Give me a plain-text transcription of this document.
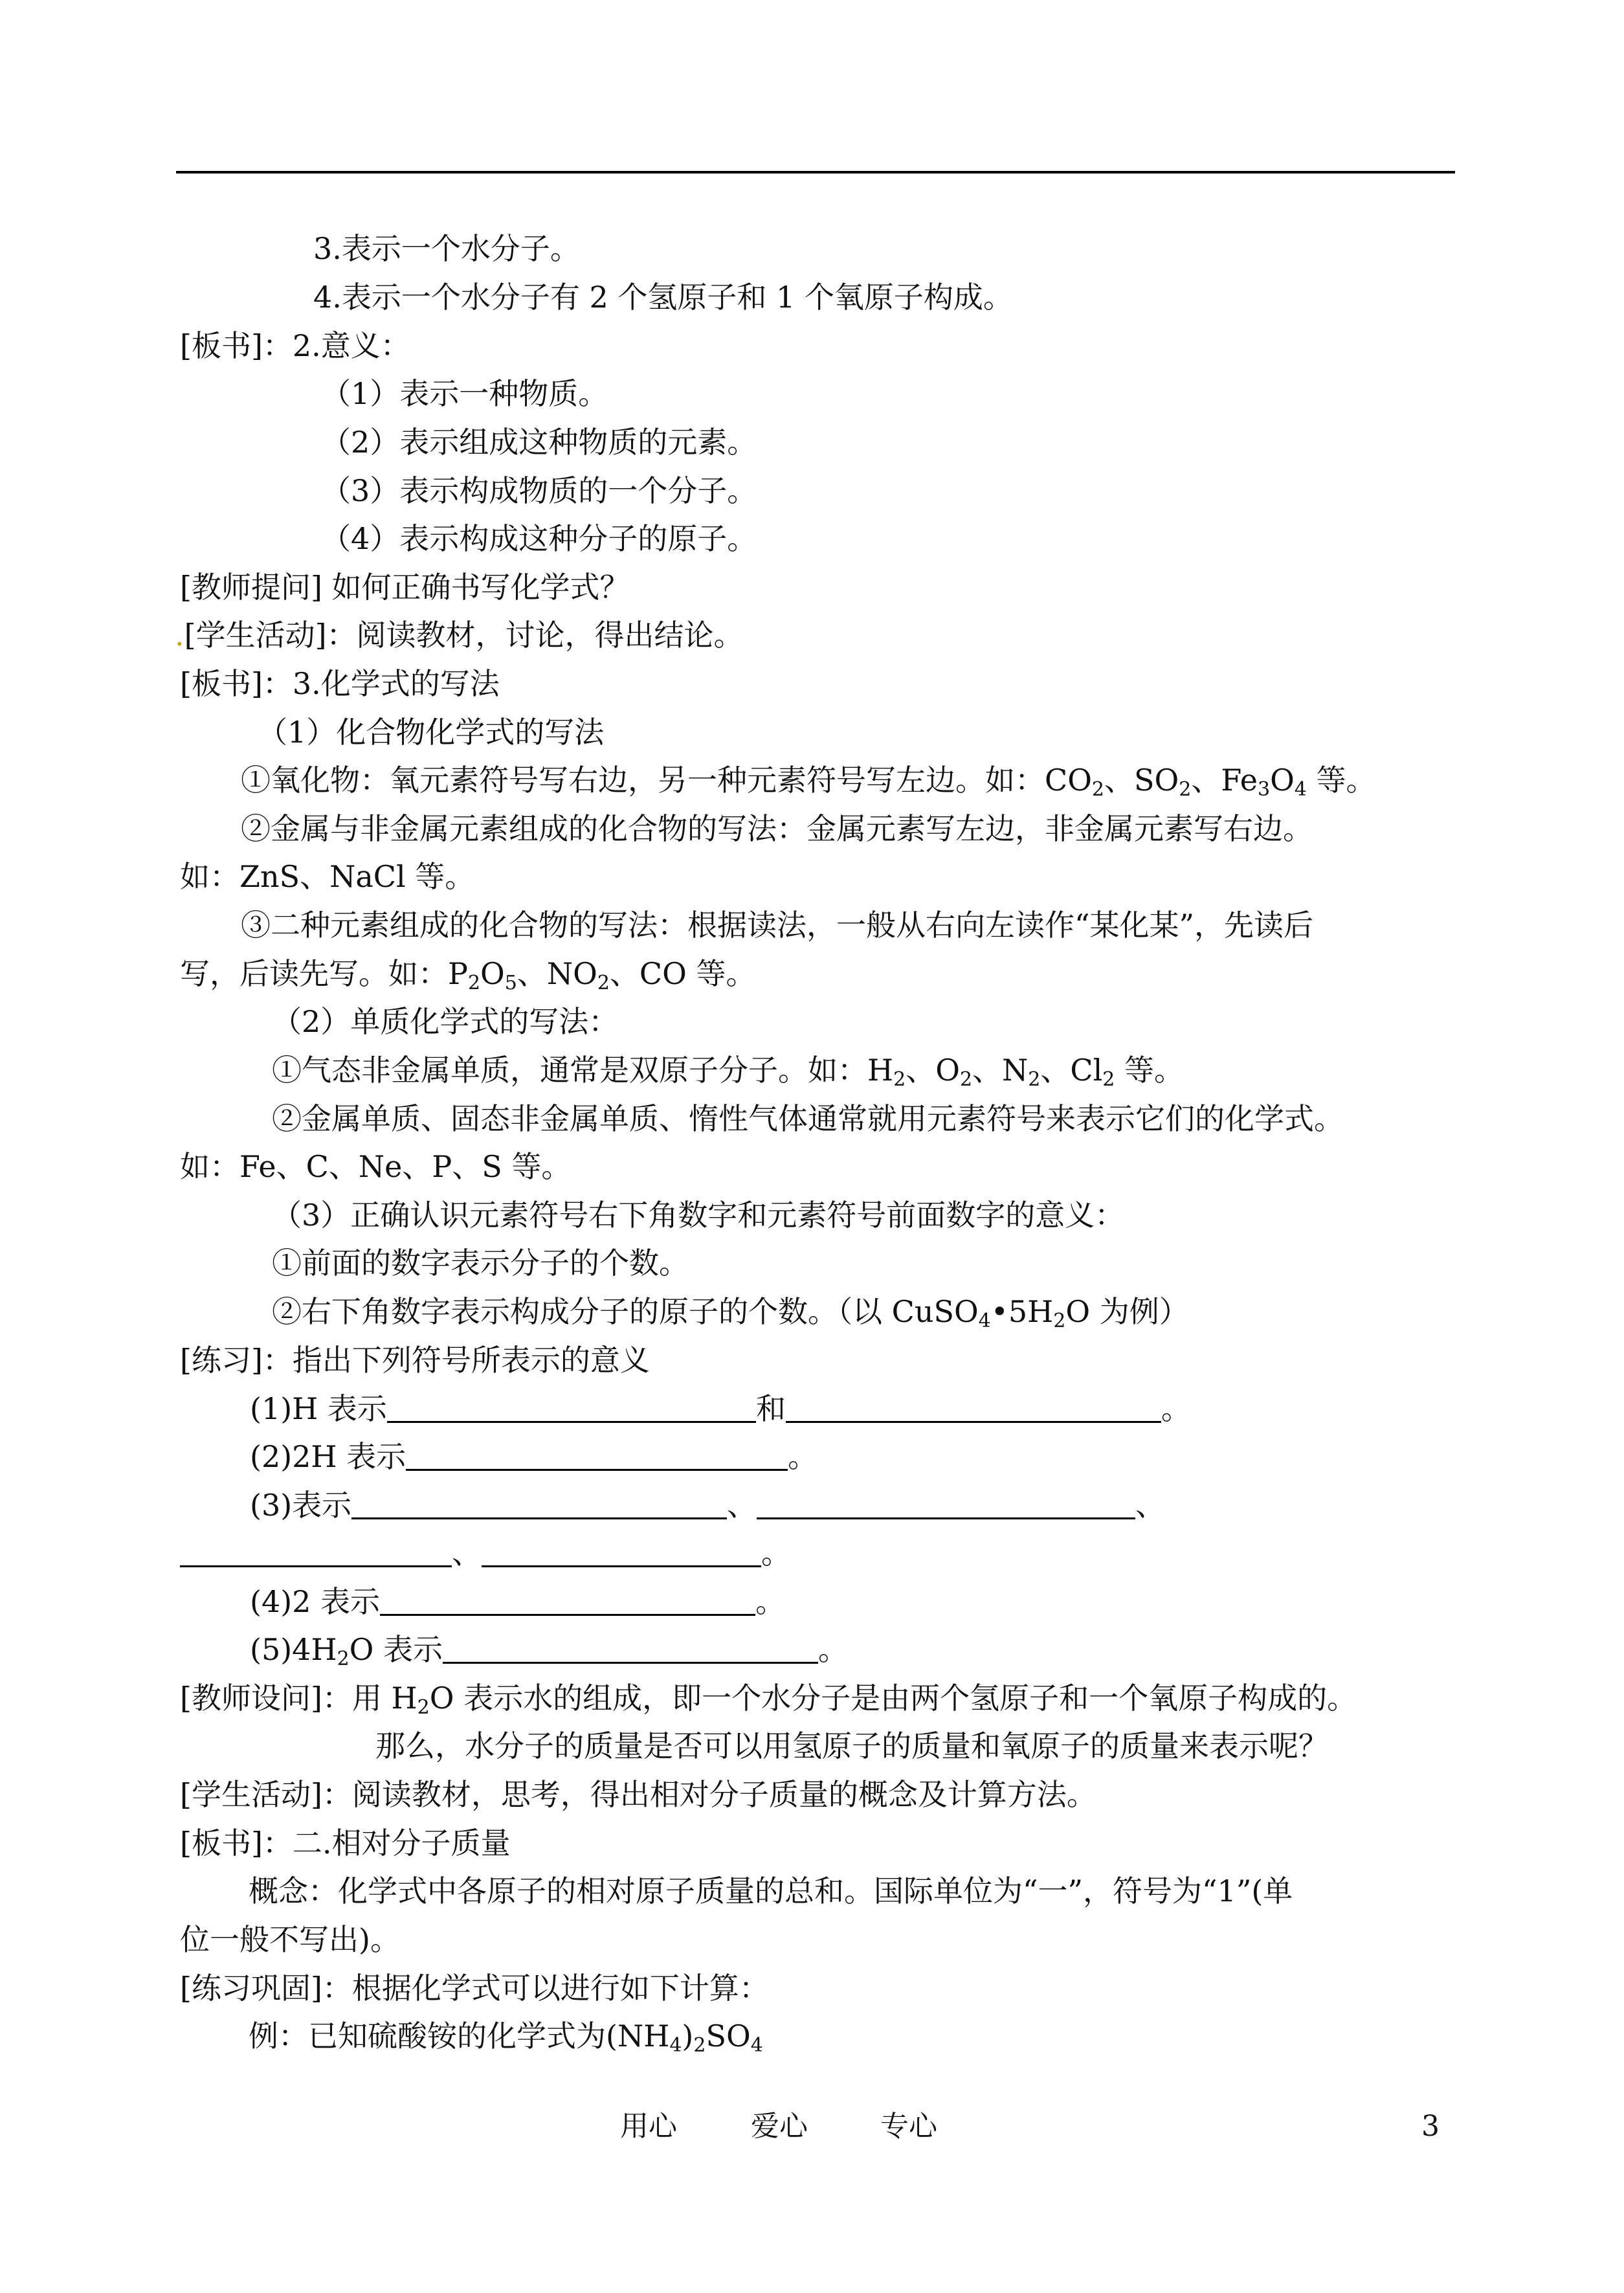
3.表示一个水分子。
4.表示一个水分子有 2 个氢原子和 1 个氧原子构成。
[板书]：2.意义：
（1）表示一种物质。
（2）表示组成这种物质的元素。
（3）表示构成物质的一个分子。
（4）表示构成这种分子的原子。
[教师提问] 如何正确书写化学式？
.[学生活动]：阅读教材，讨论，得出结论。
[板书]：3.化学式的写法
（1）化合物化学式的写法
①氧化物：氧元素符号写右边，另一种元素符号写左边。如：$CO_2$、$SO_2$、$Fe_3O_4$ 等。
②金属与非金属元素组成的化合物的写法：金属元素写左边，非金属元素写右边。
如：ZnS、NaCl 等。
③二种元素组成的化合物的写法：根据读法，一般从右向左读作“某化某”，先读后
写，后读先写。如：$P_2O_5$、$NO_2$、CO 等。
（2）单质化学式的写法：
①气态非金属单质，通常是双原子分子。如：$H_2$、$O_2$、$N_2$、$Cl_2$ 等。
②金属单质、固态非金属单质、惰性气体通常就用元素符号来表示它们的化学式。
如：Fe、C、Ne、P、S 等。
（3）正确认识元素符号右下角数字和元素符号前面数字的意义：
①前面的数字表示分子的个数。
②右下角数字表示构成分子的原子的个数。（以 $CuSO_4•5H_2O$ 为例）
[练习]：指出下列符号所表示的意义
(1)H 表示	和	。
(2)2H 表示	。
(3)表示	、	、
、	。
(4)2 表示	。
$(5)4H_2O$ 表示	。
[教师设问]：用 $H_2O$ 表示水的组成，即一个水分子是由两个氢原子和一个氧原子构成的。
那么，水分子的质量是否可以用氢原子的质量和氧原子的质量来表示呢？
[学生活动]：阅读教材，思考，得出相对分子质量的概念及计算方法。
[板书]：二.相对分子质量
概念：化学式中各原子的相对原子质量的总和。国际单位为“一”，符号为“1”(单
位一般不写出)。
[练习巩固]：根据化学式可以进行如下计算：
例：已知硫酸铵的化学式为$(NH_4)_2SO_4$
用心	爱心	专心	3
